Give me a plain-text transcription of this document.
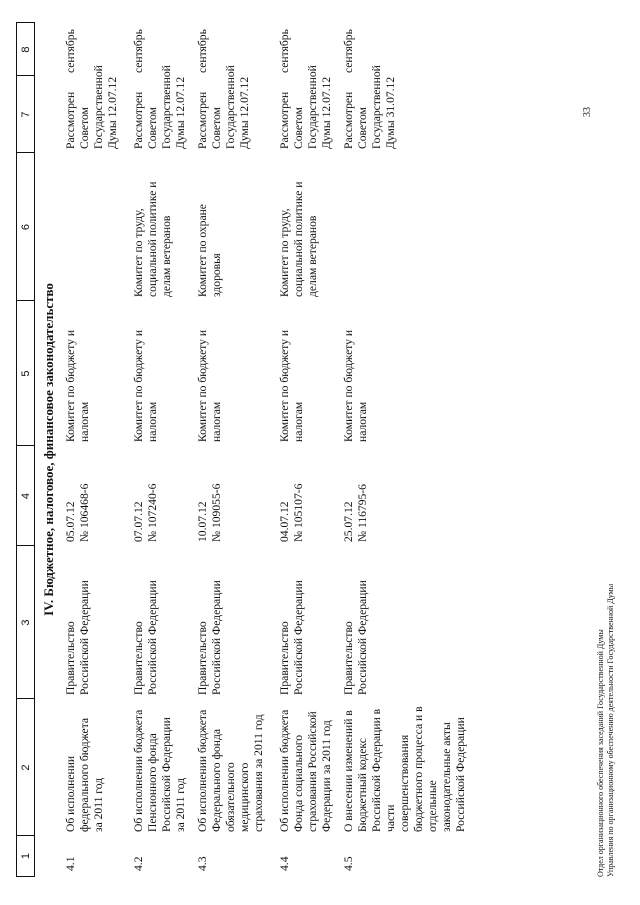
1
2
3
4
5
6
7
8
IV. Бюджетное, налоговое, финансовое законодательство
4.1
Об исполнении
федерального бюджета
за 2011 год
Правительство
Российской Федерации
05.07.12
№ 106468-6
Комитет по бюджету и
налогам
Рассмотрен
Советом
Государственной
Думы 12.07.12
сентябрь
4.2
Об исполнении бюджета
Пенсионного фонда
Российской Федерации
за 2011 год
Правительство
Российской Федерации
07.07.12
№ 107240-6
Комитет по бюджету и
налогам
Комитет по труду,
социальной политике и
делам ветеранов
Рассмотрен
Советом
Государственной
Думы 12.07.12
сентябрь
4.3
Об исполнении бюджета
Федерального фонда
обязательного
медицинского
страхования за 2011 год
Правительство
Российской Федерации
10.07.12
№ 109055-6
Комитет по бюджету и
налогам
Комитет по охране
здоровья
Рассмотрен
Советом
Государственной
Думы 12.07.12
сентябрь
4.4
Об исполнении бюджета
Фонда социального
страхования Российской
Федерации за 2011 год
Правительство
Российской Федерации
04.07.12
№ 105107-6
Комитет по бюджету и
налогам
Комитет по труду,
социальной политике и
делам ветеранов
Рассмотрен
Советом
Государственной
Думы 12.07.12
сентябрь
4.5
О внесении изменений в
Бюджетный кодекс
Российской Федерации в
части
совершенствования
бюджетного процесса и в
отдельные
законодательные акты
Российской Федерации
Правительство
Российской Федерации
25.07.12
№ 116795-6
Комитет по бюджету и
налогам
Рассмотрен
Советом
Государственной
Думы 31.07.12
сентябрь
33
Отдел организационного обеспечения заседаний Государственной Думы Управления по организационному обеспечению деятельности Государственной Думы
